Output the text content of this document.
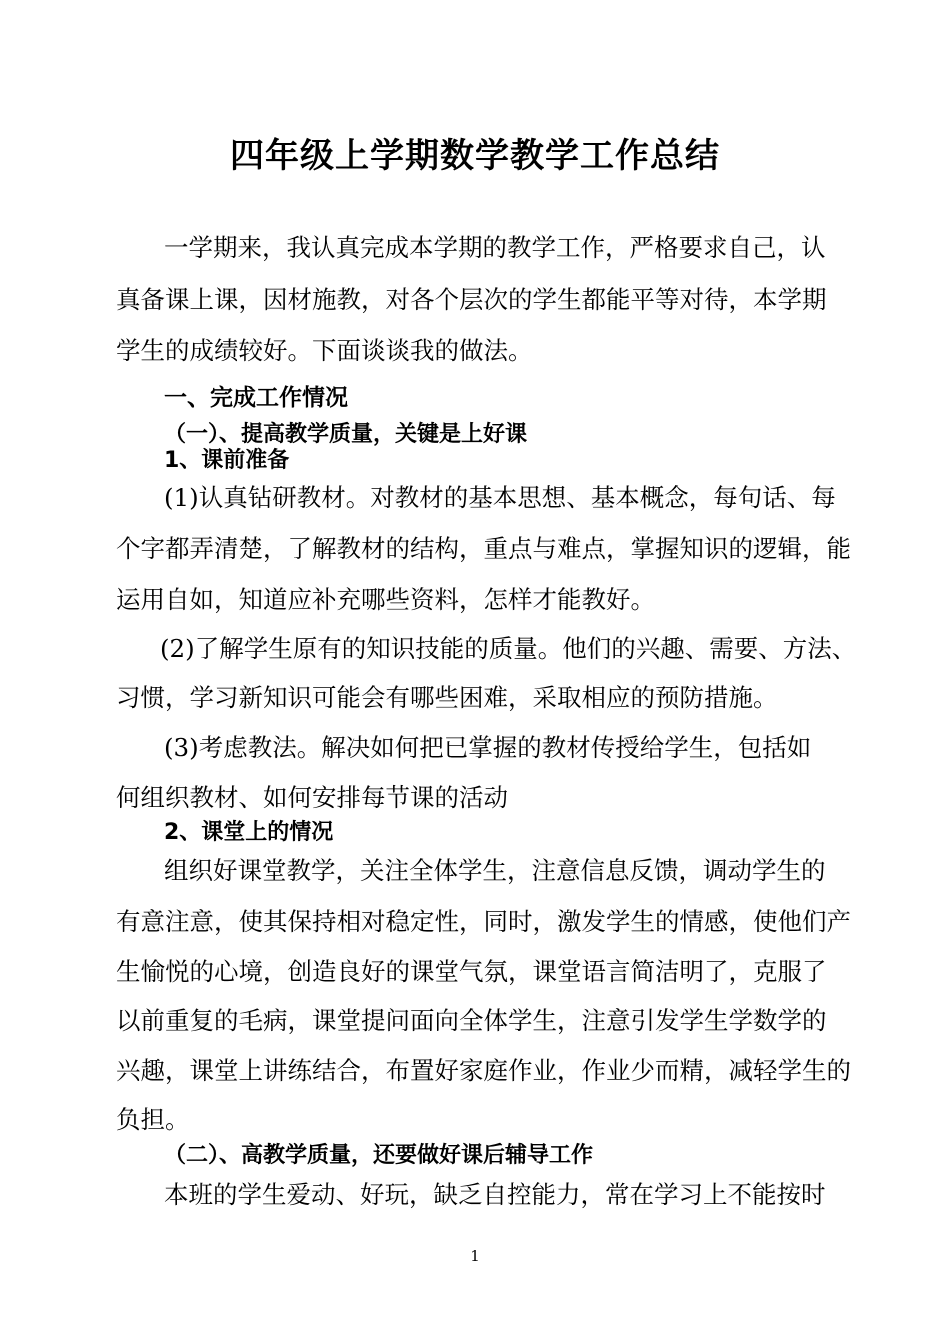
四年级上学期数学教学工作总结
一学期来，我认真完成本学期的教学工作，严格要求自己，认
真备课上课，因材施教，对各个层次的学生都能平等对待，本学期
学生的成绩较好。下面谈谈我的做法。
一、完成工作情况
（一）、提高教学质量，关键是上好课
1、课前准备
(1)认真钻研教材。对教材的基本思想、基本概念，每句话、每
个字都弄清楚，了解教材的结构，重点与难点，掌握知识的逻辑，能
运用自如，知道应补充哪些资料，怎样才能教好。
(2)了解学生原有的知识技能的质量。他们的兴趣、需要、方法、
习惯，学习新知识可能会有哪些困难，采取相应的预防措施。
(3)考虑教法。解决如何把已掌握的教材传授给学生，包括如
何组织教材、如何安排每节课的活动
2、课堂上的情况
组织好课堂教学，关注全体学生，注意信息反馈，调动学生的
有意注意，使其保持相对稳定性，同时，激发学生的情感，使他们产
生愉悦的心境，创造良好的课堂气氛，课堂语言简洁明了，克服了
以前重复的毛病，课堂提问面向全体学生，注意引发学生学数学的
兴趣，课堂上讲练结合，布置好家庭作业，作业少而精，减轻学生的
负担。
（二）、高教学质量，还要做好课后辅导工作
本班的学生爱动、好玩，缺乏自控能力，常在学习上不能按时
1
